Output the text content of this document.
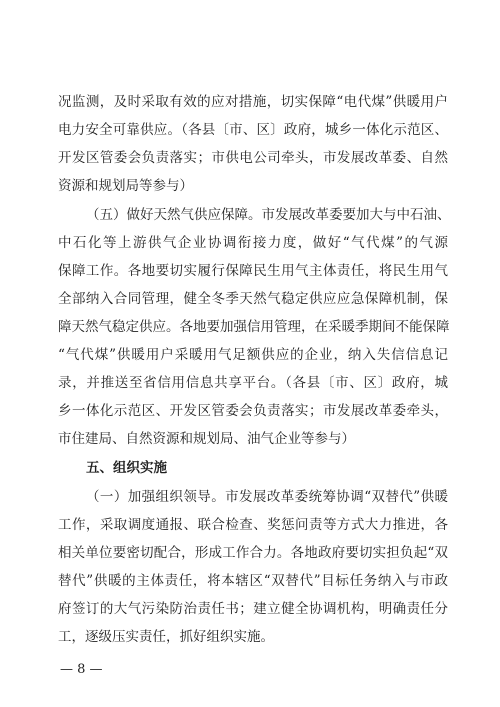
况监测，及时采取有效的应对措施，切实保障“电代煤”供暖用户
电力安全可靠供应。（各县〔市、区〕政府，城乡一体化示范区、
开发区管委会负责落实；市供电公司牵头，市发展改革委、自然
资源和规划局等参与）
（五）做好天然气供应保障。市发展改革委要加大与中石油、
中石化等上游供气企业协调衔接力度，做好“气代煤”的气源
保障工作。各地要切实履行保障民生用气主体责任，将民生用气
全部纳入合同管理，健全冬季天然气稳定供应应急保障机制，保
障天然气稳定供应。各地要加强信用管理，在采暖季期间不能保障
“气代煤”供暖用户采暖用气足额供应的企业，纳入失信信息记
录，并推送至省信用信息共享平台。（各县〔市、区〕政府，城
乡一体化示范区、开发区管委会负责落实；市发展改革委牵头，
市住建局、自然资源和规划局、油气企业等参与）
五、组织实施
（一）加强组织领导。市发展改革委统筹协调“双替代”供暖
工作，采取调度通报、联合检查、奖惩问责等方式大力推进，各
相关单位要密切配合，形成工作合力。各地政府要切实担负起“双
替代”供暖的主体责任，将本辖区“双替代”目标任务纳入与市政
府签订的大气污染防治责任书；建立健全协调机构，明确责任分
工，逐级压实责任，抓好组织实施。
— 8 —
